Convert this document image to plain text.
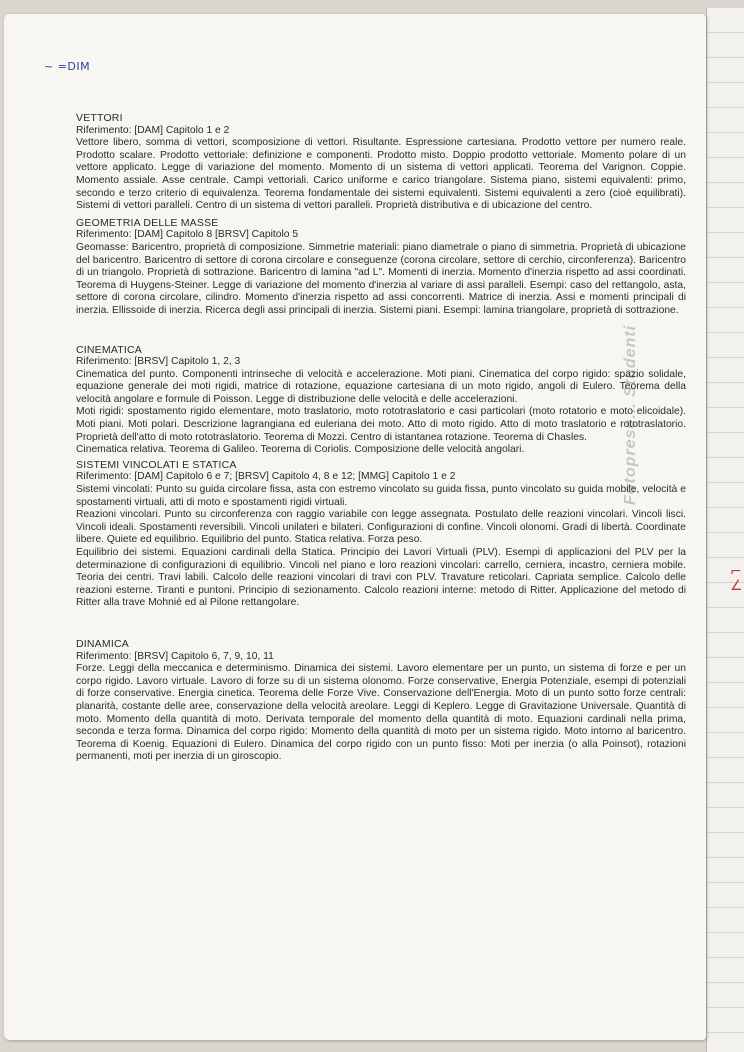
⌐
∠
~ =DIM
Fotoprese... Studenti
VETTORI
Riferimento: [DAM] Capitolo 1 e 2

Vettore libero, somma di vettori, scomposizione di vettori. Risultante. Espressione cartesiana. Prodotto vettore per numero reale. Prodotto scalare. Prodotto vettoriale: definizione e componenti. Prodotto misto. Doppio prodotto vettoriale. Momento polare di un vettore applicato. Legge di variazione del momento. Momento di un sistema di vettori applicati. Teorema del Varignon. Coppie. Momento assiale. Asse centrale. Campi vettoriali. Carico uniforme e carico triangolare. Sistema piano, sistemi equivalenti: primo, secondo e terzo criterio di equivalenza. Teorema fondamentale dei sistemi equivalenti. Sistemi equivalenti a zero (cioè equilibrati). Sistemi di vettori paralleli. Centro di un sistema di vettori paralleli. Proprietà distributiva e di ubicazione del centro.

GEOMETRIA DELLE MASSE
Riferimento: [DAM] Capitolo 8 [BRSV] Capitolo 5

Geomasse: Baricentro, proprietà di composizione. Simmetrie materiali: piano diametrale o piano di simmetria. Proprietà di ubicazione del baricentro. Baricentro di settore di corona circolare e conseguenze (corona circolare, settore di cerchio, circonferenza). Baricentro di un triangolo. Proprietà di sottrazione. Baricentro di lamina "ad L". Momenti di inerzia. Momento d'inerzia rispetto ad assi coordinati. Teorema di Huygens-Steiner. Legge di variazione del momento d'inerzia al variare di assi paralleli. Esempi: caso del rettangolo, asta, settore di corona circolare, cilindro. Momento d'inerzia rispetto ad assi concorrenti. Matrice di inerzia. Assi e momenti principali di inerzia. Ellissoide di inerzia. Ricerca degli assi principali di inerzia. Sistemi piani. Esempi: lamina triangolare, proprietà di sottrazione.

CINEMATICA
Riferimento: [BRSV] Capitolo 1, 2, 3

Cinematica del punto. Componenti intrinseche di velocità e accelerazione. Moti piani. Cinematica del corpo rigido: spazio solidale, equazione generale dei moti rigidi, matrice di rotazione, equazione cartesiana di un moto rigido, angoli di Eulero. Teorema della velocità angolare e formule di Poisson. Legge di distribuzione delle velocità e delle accelerazioni.

Moti rigidi: spostamento rigido elementare, moto traslatorio, moto rototraslatorio e casi particolari (moto rotatorio e moto elicoidale). Moti piani. Moti polari. Descrizione lagrangiana ed euleriana dei moto. Atto di moto rigido. Atto di moto traslatorio e rototraslatorio. Proprietà dell'atto di moto rototraslatorio. Teorema di Mozzi. Centro di istantanea rotazione. Teorema di Chasles.

Cinematica relativa. Teorema di Galileo. Teorema di Coriolis. Composizione delle velocità angolari.

SISTEMI VINCOLATI E STATICA
Riferimento: [DAM] Capitolo 6 e 7; [BRSV] Capitolo 4, 8 e 12; [MMG] Capitolo 1 e 2

Sistemi vincolati: Punto su guida circolare fissa, asta con estremo vincolato su guida fissa, punto vincolato su guida mobile, velocità e spostamenti virtuali, atti di moto e spostamenti rigidi virtuali.

Reazioni vincolari. Punto su circonferenza con raggio variabile con legge assegnata. Postulato delle reazioni vincolari. Vincoli lisci. Vincoli ideali. Spostamenti reversibili. Vincoli unilateri e bilateri. Configurazioni di confine. Vincoli olonomi. Gradi di libertà. Coordinate libere. Quiete ed equilibrio. Equilibrio del punto. Statica relativa. Forza peso.

Equilibrio dei sistemi. Equazioni cardinali della Statica. Principio dei Lavori Virtuali (PLV). Esempi di applicazioni del PLV per la determinazione di configurazioni di equilibrio. Vincoli nel piano e loro reazioni vincolari: carrello, cerniera, incastro, cerniera mobile. Teoria dei centri. Travi labili. Calcolo delle reazioni vincolari di travi con PLV. Travature reticolari. Capriata semplice. Calcolo delle reazioni esterne. Tiranti e puntoni. Principio di sezionamento. Calcolo reazioni interne: metodo di Ritter. Applicazione del metodo di Ritter alla trave Mohnié ed al Pilone rettangolare.

DINAMICA
Riferimento: [BRSV] Capitolo 6, 7, 9, 10, 11

Forze. Leggi della meccanica e determinismo. Dinamica dei sistemi. Lavoro elementare per un punto, un sistema di forze e per un corpo rigido. Lavoro virtuale. Lavoro di forze su di un sistema olonomo. Forze conservative, Energia Potenziale, esempi di potenziali di forze conservative. Energia cinetica. Teorema delle Forze Vive. Conservazione dell'Energia. Moto di un punto sotto forze centrali: planarità, costante delle aree, conservazione della velocità areolare. Leggi di Keplero. Legge di Gravitazione Universale. Quantità di moto. Momento della quantità di moto. Derivata temporale del momento della quantità di moto. Equazioni cardinali nella prima, seconda e terza forma. Dinamica del corpo rigido: Momento della quantità di moto per un sistema rigido. Moto intorno al baricentro. Teorema di Koenig. Equazioni di Eulero. Dinamica del corpo rigido con un punto fisso: Moti per inerzia (o alla Poinsot), rotazioni permanenti, moti per inerzia di un giroscopio.
